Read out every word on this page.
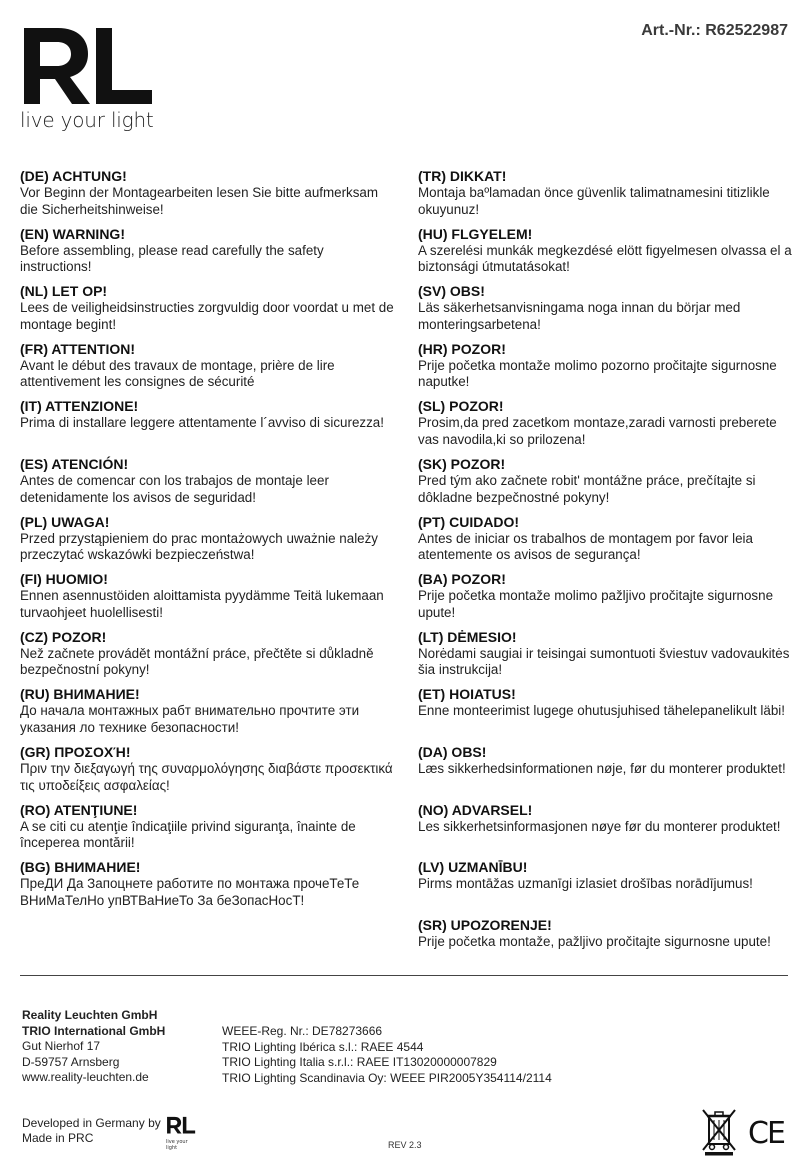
live your light
Art.-Nr.: R62522987
(DE) ACHTUNG!
Vor Beginn der Montagearbeiten lesen Sie bitte aufmerksam die Sicherheitshinweise!
(EN) WARNING!
Before assembling, please read carefully the safety instructions!
(NL) LET OP!
Lees de veiligheidsinstructies zorgvuldig door voordat u met de montage begint!
(FR) ATTENTION!
Avant le début des travaux de montage, prière de lire attentivement les consignes de sécurité
(IT) ATTENZIONE!
Prima di installare leggere attentamente l´avviso di sicurezza!
(ES) ATENCIÓN!
Antes de comencar con los trabajos de montaje leer detenidamente los avisos de seguridad!
(PL) UWAGA!
Przed przystąpieniem do prac montażowych uważnie należy przeczytać wskazówki bezpieczeństwa!
(FI) HUOMIO!
Ennen asennustöiden aloittamista pyydämme Teitä lukemaan turvaohjeet huolellisesti!
(CZ) POZOR!
Než začnete provádět montážní práce, přečtěte si důkladně bezpečnostní pokyny!
(RU) ВНИМАНИЕ!
До начала монтажных рабт внимательно прочтите эти указания ло технике безопасности!
(GR) ΠΡΟΣΟΧΉ!
Πριν την διεξαγωγή της συναρμολόγησης διαβάστε προσεκτικά τις υποδείξεις ασφαλείας!
(RO) ATENŢIUNE!
A se citi cu atenţie îndicaţiile privind siguranţa, înainte de începerea montării!
(BG) ВНИМАНИЕ!
ПреДИ Да Запоцнете работите по монтажа прочеТеТе ВНиМаТелНо упВТВаНиеТо За беЗопасНосТ!
(TR) DIKKAT!
Montaja baºlamadan önce güvenlik talimatnamesini titizlikle okuyunuz!
(HU) FLGYELEM!
A szerelési munkák megkezdésé elött figyelmesen olvassa el a biztonsági útmutatásokat!
(SV) OBS!
Läs säkerhetsanvisningama noga innan du börjar med monteringsarbetena!
(HR) POZOR!
Prije početka montaže molimo pozorno pročitajte sigurnosne naputke!
(SL) POZOR!
Prosim,da pred zacetkom montaze,zaradi varnosti preberete vas navodila,ki so prilozena!
(SK) POZOR!
Pred tým ako začnete robit' montážne práce, prečítajte si dôkladne bezpečnostné pokyny!
(PT) CUIDADO!
Antes de iniciar os trabalhos de montagem por favor leia atentemente os avisos de segurança!
(BA) POZOR!
Prije početka montaže molimo pažljivo pročitajte sigurnosne upute!
(LT) DĖMESIO!
Norėdami saugiai ir teisingai sumontuoti šviestuv vadovaukitės šia instrukcija!
(ET) HOIATUS!
Enne monteerimist lugege ohutusjuhised tähelepanelikult läbi!
(DA) OBS!
Læs sikkerhedsinformationen nøje, før du monterer produktet!
(NO) ADVARSEL!
Les sikkerhetsinformasjonen nøye før du monterer produktet!
(LV) UZMANĪBU!
Pirms montāžas uzmanīgi izlasiet drošības norādījumus!
(SR) UPOZORENJE!
Prije početka montaže, pažljivo pročitajte sigurnosne upute!
Reality Leuchten GmbH
TRIO International GmbH
Gut Nierhof 17
D-59757 Arnsberg
www.reality-leuchten.de
WEEE-Reg. Nr.: DE78273666
TRIO Lighting Ibérica s.l.: RAEE 4544
TRIO Lighting Italia s.r.l.: RAEE IT13020000007829
TRIO Lighting Scandinavia Oy: WEEE PIR2005Y354114/2114
Developed in Germany by
Made in PRC	live your light	REV 2.3	CE
